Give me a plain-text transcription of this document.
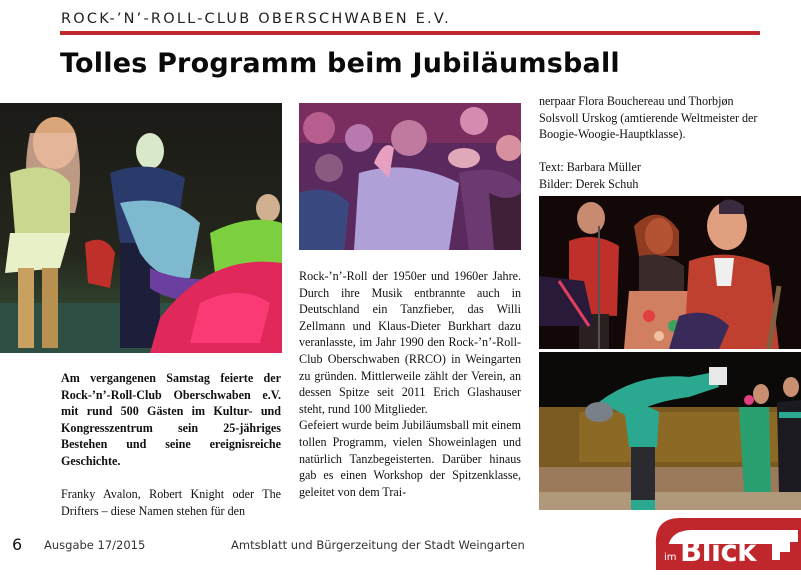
ROCK-’N’-ROLL-CLUB OBERSCHWABEN E.V.
Tolles Programm beim Jubiläumsball

Am vergangenen Samstag feierte der Rock-’n’-Roll-Club Oberschwaben e.V. mit rund 500 Gästen im Kultur- und Kongresszentrum sein 25-jähriges Bestehen und seine ereignisreiche Geschichte.

Franky Avalon, Robert Knight oder The Drifters – diese Namen stehen für den

Rock-’n’-Roll der 1950er und 1960er Jahre. Durch ihre Musik entbrannte auch in Deutschland ein Tanzfieber, das Willi Zellmann und Klaus-Dieter Burkhart dazu veranlasste, im Jahr 1990 den Rock-’n’-Roll-Club Oberschwaben (RRCO) in Weingarten zu gründen. Mittlerweile zählt der Verein, an dessen Spitze seit 2011 Erich Glashauser steht, rund 100 Mitglieder.

Gefeiert wurde beim Jubiläumsball mit einem tollen Programm, vielen Showeinlagen und natürlich Tanzbegeisterten. Darüber hinaus gab es einen Workshop der Spitzenklasse, geleitet von dem Trai-

nerpaar Flora Bouchereau und Thorbjøn Solsvoll Urskog (amtierende Weltmeister der Boogie-Woogie-Hauptklasse).

Text: Barbara Müller

Bilder: Derek Schuh

6 Ausgabe 17/2015	Amtsblatt und Bürgerzeitung der Stadt Weingarten
im Blick
